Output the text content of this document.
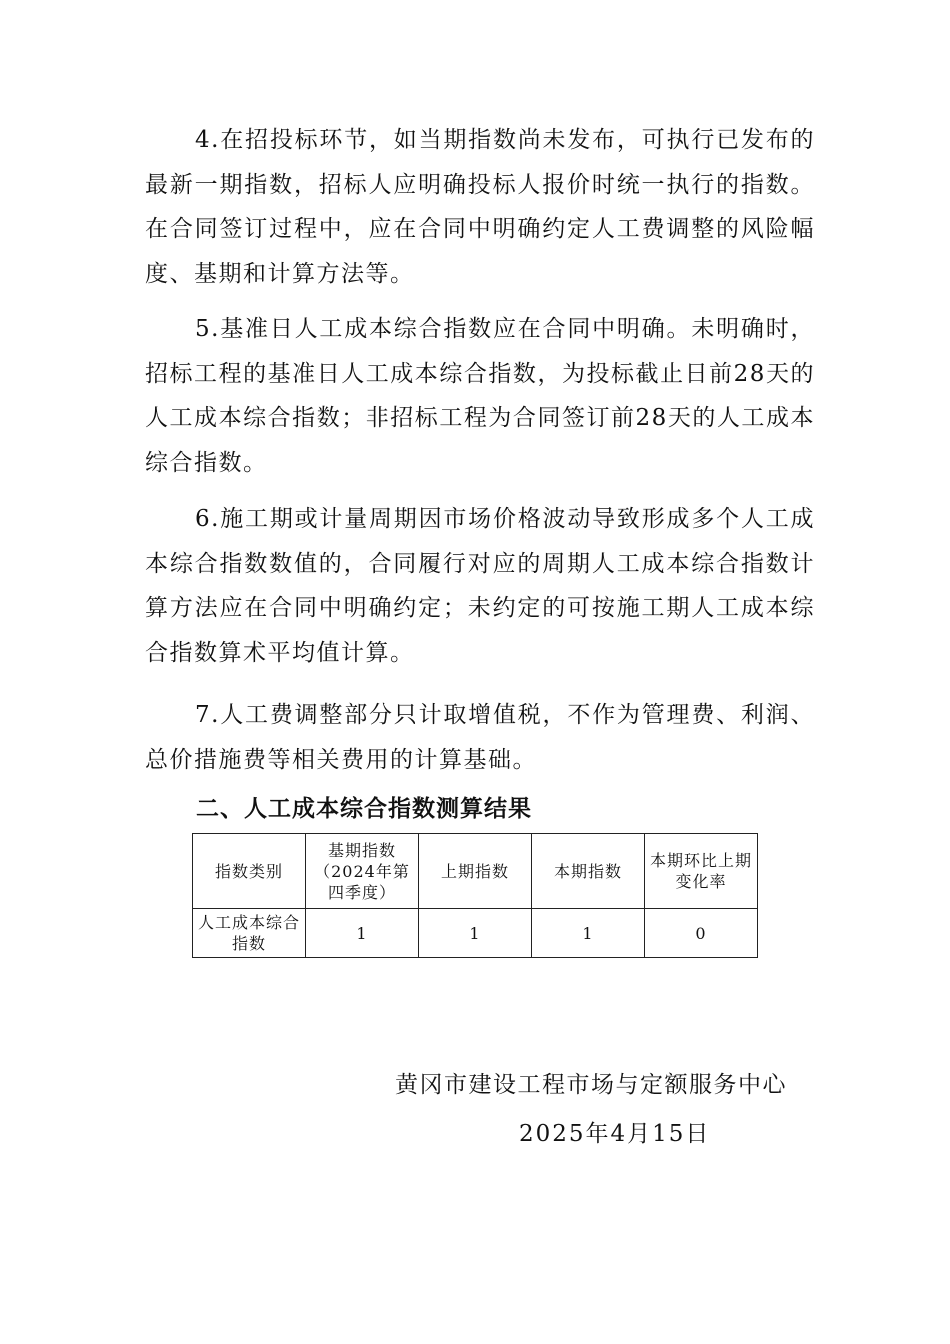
4.在招投标环节，如当期指数尚未发布，可执行已发布的最新一期指数，招标人应明确投标人报价时统一执行的指数。在合同签订过程中，应在合同中明确约定人工费调整的风险幅度、基期和计算方法等。

5.基准日人工成本综合指数应在合同中明确。未明确时，招标工程的基准日人工成本综合指数，为投标截止日前28天的人工成本综合指数；非招标工程为合同签订前28天的人工成本综合指数。

6.施工期或计量周期因市场价格波动导致形成多个人工成本综合指数数值的，合同履行对应的周期人工成本综合指数计算方法应在合同中明确约定；未约定的可按施工期人工成本综合指数算术平均值计算。

7.人工费调整部分只计取增值税，不作为管理费、利润、总价措施费等相关费用的计算基础。

二、人工成本综合指数测算结果
指数类别	基期指数（2024年第四季度）	上期指数	本期指数	本期环比上期变化率
人工成本综合指数	1	1	1	0

黄冈市建设工程市场与定额服务中心

2025年4月15日
